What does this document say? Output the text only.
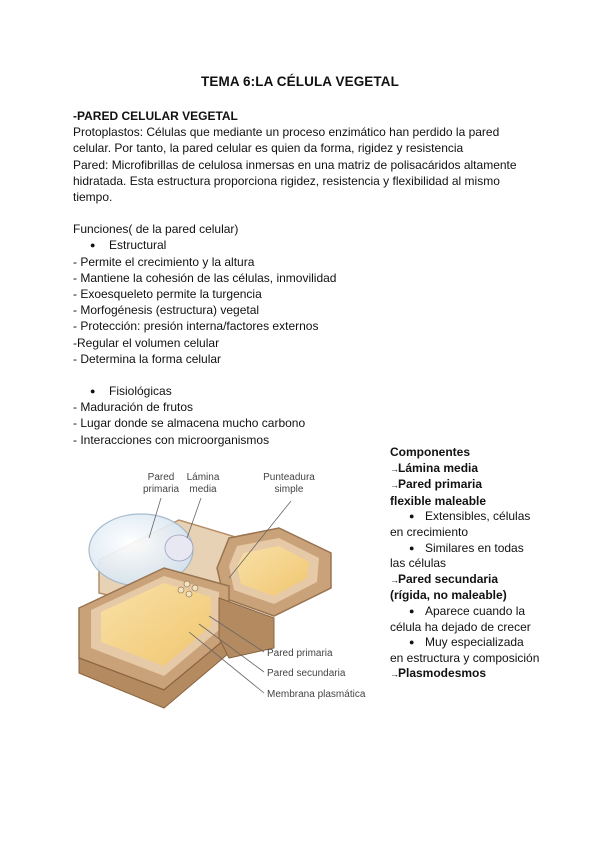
TEMA 6:LA CÉLULA VEGETAL
-PARED CELULAR VEGETAL
Protoplastos: Células que mediante un proceso enzimático han perdido la pared
celular. Por tanto, la pared celular es quien da forma, rigidez y resistencia
Pared: Microfibrillas de celulosa inmersas en una matriz de polisacáridos altamente
hidratada. Esta estructura proporciona rigidez, resistencia y flexibilidad al mismo
tiempo.
Funciones( de la pared celular)
● Estructural
- Permite el crecimiento y la altura
- Mantiene la cohesión de las células, inmovilidad
- Exoesqueleto permite la turgencia
- Morfogénesis (estructura) vegetal
- Protección: presión interna/factores externos
-Regular el volumen celular
- Determina la forma celular
● Fisiológicas
- Maduración de frutos
- Lugar donde se almacena mucho carbono
- Interacciones con microorganismos
Componentes
→Lámina media
→Pared primaria
flexible maleable
● Extensibles, células en crecimiento
● Similares en todas las células
→Pared secundaria
(rígida, no maleable)
● Aparece cuando la célula ha dejado de crecer
● Muy especializada en estructura y composición
→Plasmodesmos
Pared
primaria
Lámina
media
Punteadura
simple
Pared primaria
Pared secundaria
Membrana plasmática
